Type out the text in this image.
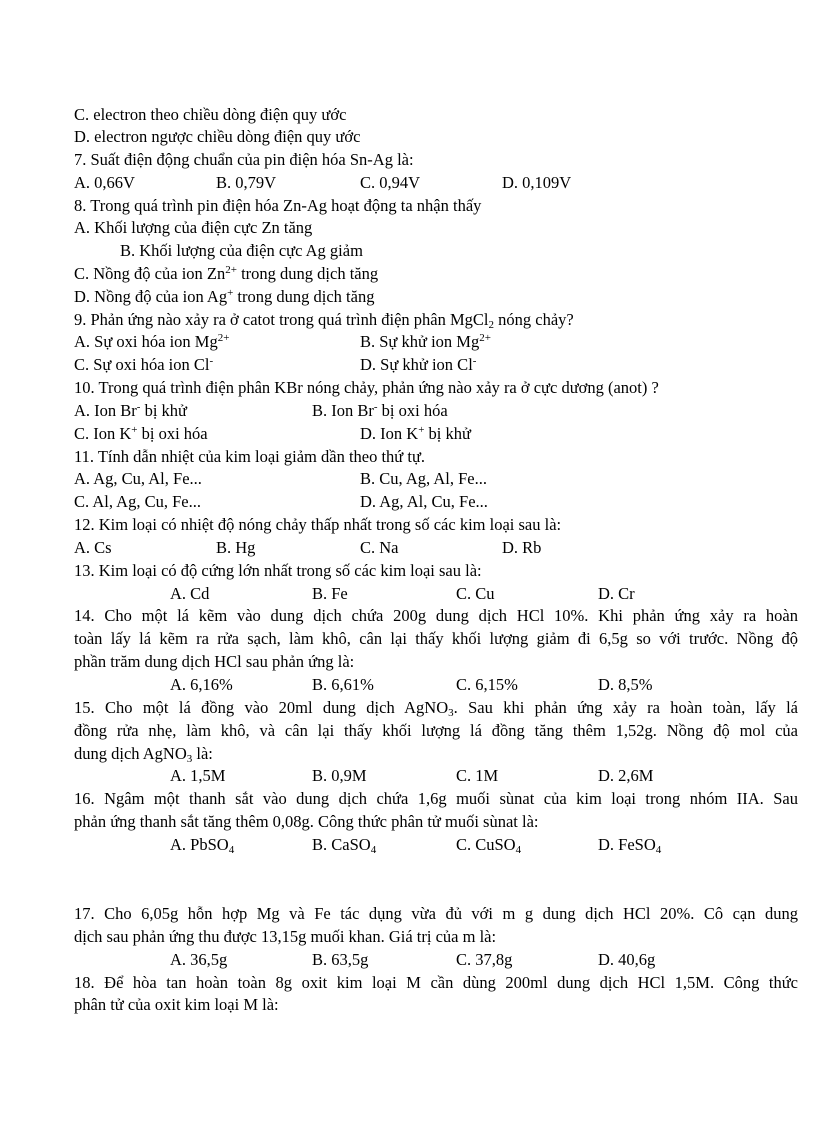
C. electron theo chiều dòng điện quy ước
D. electron ngược chiều dòng điện quy ước
7. Suất điện động chuẩn của pin điện hóa Sn-Ag là:
A. 0,66V	B. 0,79V	C. 0,94V	D. 0,109V
8. Trong quá trình pin điện hóa Zn-Ag hoạt động ta nhận thấy
A. Khối lượng của điện cực Zn tăng
B. Khối lượng của điện cực Ag giảm
C. Nồng độ của ion $Zn^{2+}$ trong dung dịch tăng
D. Nồng độ của ion Ag+ trong dung dịch tăng
9. Phản ứng nào xảy ra ở catot trong quá trình điện phân MgCl$_2$ nóng chảy?
A. Sự oxi hóa ion $Mg^{2+}$	B. Sự khử ion $Mg^{2+}$
C. Sự oxi hóa ion Cl-	D. Sự khử ion Cl-
10. Trong quá trình điện phân KBr nóng chảy, phản ứng nào xảy ra ở cực dương (anot) ?
A. Ion Br- bị khử	B. Ion Br- bị oxi hóa
C. Ion K+ bị oxi hóa	D. Ion K+ bị khử
11. Tính dẫn nhiệt của kim loại giảm dần theo thứ tự.
A. Ag, Cu, Al, Fe...	B. Cu, Ag, Al, Fe...
C. Al, Ag, Cu, Fe...	D. Ag, Al, Cu, Fe...
12. Kim loại có nhiệt độ nóng chảy thấp nhất trong số các kim loại sau là:
A. Cs	B. Hg	C. Na	D. Rb
13. Kim loại có độ cứng lớn nhất trong số các kim loại sau là:
A. Cd	B. Fe	C. Cu	D. Cr
14. Cho một lá kẽm vào dung dịch chứa 200g dung dịch HCl 10%. Khi phản ứng xảy ra hoàn
toàn lấy lá kẽm ra rửa sạch, làm khô, cân lại thấy khối lượng giảm đi 6,5g so với trước. Nồng độ
phần trăm dung dịch HCl sau phản ứng là:
A. 6,16%	B. 6,61%	C. 6,15%	D. 8,5%
15. Cho một lá đồng vào 20ml dung dịch AgNO$_3$. Sau khi phản ứng xảy ra hoàn toàn, lấy lá
đồng rửa nhẹ, làm khô, và cân lại thấy khối lượng lá đồng tăng thêm 1,52g. Nồng độ mol của
dung dịch AgNO$_3$ là:
A. 1,5M	B. 0,9M	C. 1M	D. 2,6M
16. Ngâm một thanh sắt vào dung dịch chứa 1,6g muối sùnat của kim loại trong nhóm IIA. Sau
phản ứng thanh sắt tăng thêm 0,08g. Công thức phân tử muối sùnat là:
A. PbSO$_4$	B. CaSO$_4$	C. CuSO$_4$	D. FeSO$_4$
17. Cho 6,05g hỗn hợp Mg và Fe tác dụng vừa đủ với m g dung dịch HCl 20%. Cô cạn dung
dịch sau phản ứng thu được 13,15g muối khan. Giá trị của m là:
A. 36,5g	B. 63,5g	C. 37,8g	D. 40,6g
18. Để hòa tan hoàn toàn 8g oxit kim loại M cần dùng 200ml dung dịch HCl 1,5M. Công thức
phân tử của oxit kim loại M là:
